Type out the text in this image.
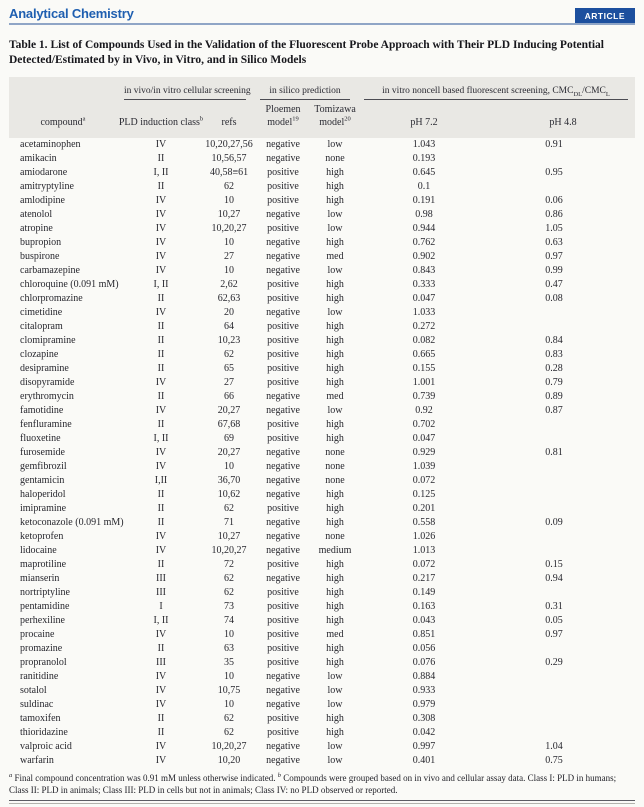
Analytical Chemistry	ARTICLE

Table 1. List of Compounds Used in the Validation of the Fluorescent Probe Approach with Their PLD Inducing Potential Detected/Estimated by in Vivo, in Vitro, and in Silico Models

	in vivo/in vitro cellular screening		in silico prediction		in vitro noncell based fluorescent screening, $CMC_{DL}/CMC_L$

compound$^a$	PLD induction class$^b$	refs	Ploemen model$^{19}$	Tomizawa model$^{20}$	pH 7.2	pH 4.8
acetaminophen	IV	10,20,27,56	negative	low	1.043	0.91
amikacin	II	10,56,57	negative	none	0.193	
amiodarone	I, II	40,58≡61	positive	high	0.645	0.95
amitryptyline	II	62	positive	high	0.1	
amlodipine	IV	10	positive	high	0.191	0.06
atenolol	IV	10,27	negative	low	0.98	0.86
atropine	IV	10,20,27	positive	low	0.944	1.05
bupropion	IV	10	negative	high	0.762	0.63
buspirone	IV	27	negative	med	0.902	0.97
carbamazepine	IV	10	negative	low	0.843	0.99
chloroquine (0.091 mM)	I, II	2,62	positive	high	0.333	0.47
chlorpromazine	II	62,63	positive	high	0.047	0.08
cimetidine	IV	20	negative	low	1.033	
citalopram	II	64	positive	high	0.272	
clomipramine	II	10,23	positive	high	0.082	0.84
clozapine	II	62	positive	high	0.665	0.83
desipramine	II	65	positive	high	0.155	0.28
disopyramide	IV	27	positive	high	1.001	0.79
erythromycin	II	66	negative	med	0.739	0.89
famotidine	IV	20,27	negative	low	0.92	0.87
fenfluramine	II	67,68	positive	high	0.702	
fluoxetine	I, II	69	positive	high	0.047	
furosemide	IV	20,27	negative	none	0.929	0.81
gemfibrozil	IV	10	negative	none	1.039	
gentamicin	I,II	36,70	negative	none	0.072	
haloperidol	II	10,62	negative	high	0.125	
imipramine	II	62	positive	high	0.201	
ketoconazole (0.091 mM)	II	71	negative	high	0.558	0.09
ketoprofen	IV	10,27	negative	none	1.026	
lidocaine	IV	10,20,27	negative	medium	1.013	
maprotiline	II	72	positive	high	0.072	0.15
mianserin	III	62	negative	high	0.217	0.94
nortriptyline	III	62	positive	high	0.149	
pentamidine	I	73	positive	high	0.163	0.31
perhexiline	I, II	74	positive	high	0.043	0.05
procaine	IV	10	positive	med	0.851	0.97
promazine	II	63	positive	high	0.056	
propranolol	III	35	positive	high	0.076	0.29
ranitidine	IV	10	negative	low	0.884	
sotalol	IV	10,75	negative	low	0.933	
suldinac	IV	10	negative	low	0.979	
tamoxifen	II	62	positive	high	0.308	
thioridazine	II	62	positive	high	0.042	
valproic acid	IV	10,20,27	negative	low	0.997	1.04
warfarin	IV	10,20	negative	low	0.401	0.75

$^a$ Final compound concentration was 0.91 mM unless otherwise indicated. $^b$ Compounds were grouped based on in vivo and cellular assay data. Class I: PLD in humans; Class II: PLD in animals; Class III: PLD in cells but not in animals; Class IV: no PLD observed or reported.
